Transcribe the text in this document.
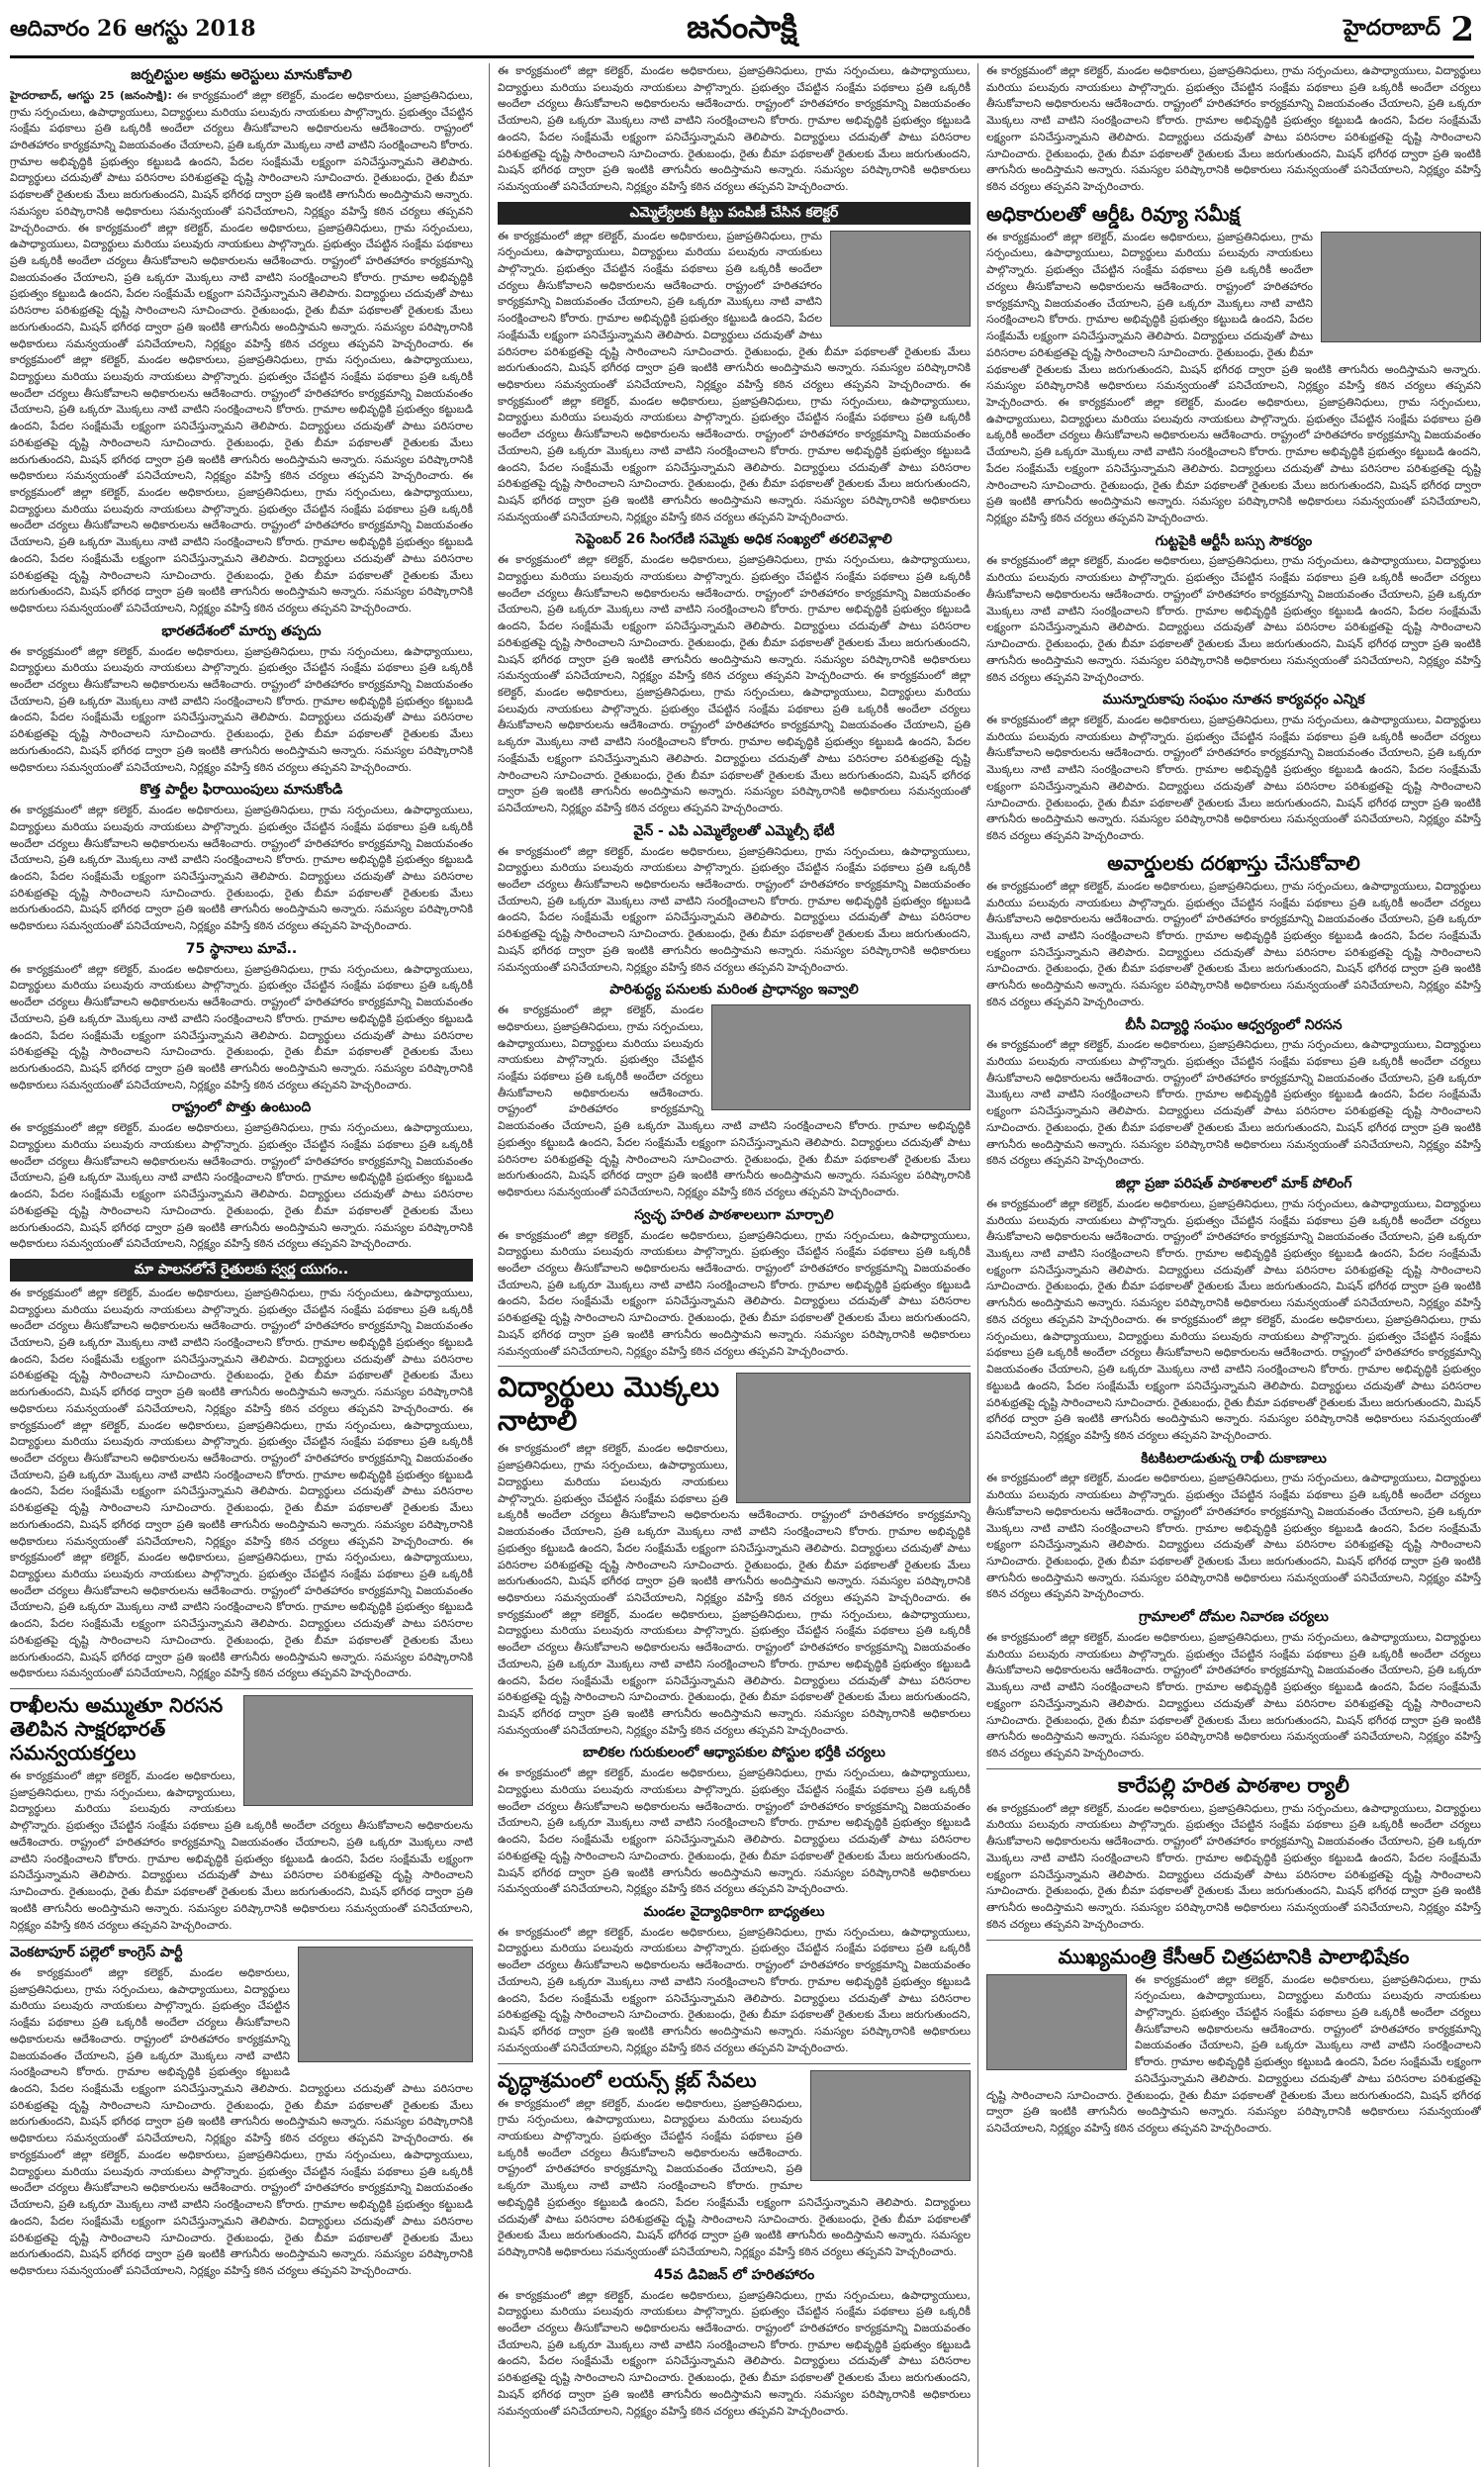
ఆదివారం 26 ఆగస్టు 2018	జనంసాక్షి	హైదరాబాద్ 2
జర్నలిస్టుల అక్రమ అరెస్టులు మానుకోవాలి
హైదరాబాద్, ఆగస్టు 25 (జనంసాక్షి): ఈ కార్యక్రమంలో జిల్లా కలెక్టర్, మండల అధికారులు, ప్రజాప్రతినిధులు, గ్రామ సర్పంచులు, ఉపాధ్యాయులు, విద్యార్థులు మరియు పలువురు నాయకులు పాల్గొన్నారు. ప్రభుత్వం చేపట్టిన సంక్షేమ పథకాలు ప్రతి ఒక్కరికీ అందేలా చర్యలు తీసుకోవాలని అధికారులను ఆదేశించారు. రాష్ట్రంలో హరితహారం కార్యక్రమాన్ని విజయవంతం చేయాలని, ప్రతి ఒక్కరూ మొక్కలు నాటి వాటిని సంరక్షించాలని కోరారు. గ్రామాల అభివృద్ధికి ప్రభుత్వం కట్టుబడి ఉందని, పేదల సంక్షేమమే లక్ష్యంగా పనిచేస్తున్నామని తెలిపారు. విద్యార్థులు చదువుతో పాటు పరిసరాల పరిశుభ్రతపై దృష్టి సారించాలని సూచించారు. రైతుబంధు, రైతు బీమా పథకాలతో రైతులకు మేలు జరుగుతుందని, మిషన్ భగీరథ ద్వారా ప్రతి ఇంటికి తాగునీరు అందిస్తామని అన్నారు. సమస్యల పరిష్కారానికి అధికారులు సమన్వయంతో పనిచేయాలని, నిర్లక్ష్యం వహిస్తే కఠిన చర్యలు తప్పవని హెచ్చరించారు. ఈ కార్యక్రమంలో జిల్లా కలెక్టర్, మండల అధికారులు, ప్రజాప్రతినిధులు, గ్రామ సర్పంచులు, ఉపాధ్యాయులు, విద్యార్థులు మరియు పలువురు నాయకులు పాల్గొన్నారు. ప్రభుత్వం చేపట్టిన సంక్షేమ పథకాలు ప్రతి ఒక్కరికీ అందేలా చర్యలు తీసుకోవాలని అధికారులను ఆదేశించారు. రాష్ట్రంలో హరితహారం కార్యక్రమాన్ని విజయవంతం చేయాలని, ప్రతి ఒక్కరూ మొక్కలు నాటి వాటిని సంరక్షించాలని కోరారు. గ్రామాల అభివృద్ధికి ప్రభుత్వం కట్టుబడి ఉందని, పేదల సంక్షేమమే లక్ష్యంగా పనిచేస్తున్నామని తెలిపారు. విద్యార్థులు చదువుతో పాటు పరిసరాల పరిశుభ్రతపై దృష్టి సారించాలని సూచించారు. రైతుబంధు, రైతు బీమా పథకాలతో రైతులకు మేలు జరుగుతుందని, మిషన్ భగీరథ ద్వారా ప్రతి ఇంటికి తాగునీరు అందిస్తామని అన్నారు. సమస్యల పరిష్కారానికి అధికారులు సమన్వయంతో పనిచేయాలని, నిర్లక్ష్యం వహిస్తే కఠిన చర్యలు తప్పవని హెచ్చరించారు. ఈ కార్యక్రమంలో జిల్లా కలెక్టర్, మండల అధికారులు, ప్రజాప్రతినిధులు, గ్రామ సర్పంచులు, ఉపాధ్యాయులు, విద్యార్థులు మరియు పలువురు నాయకులు పాల్గొన్నారు. ప్రభుత్వం చేపట్టిన సంక్షేమ పథకాలు ప్రతి ఒక్కరికీ అందేలా చర్యలు తీసుకోవాలని అధికారులను ఆదేశించారు. రాష్ట్రంలో హరితహారం కార్యక్రమాన్ని విజయవంతం చేయాలని, ప్రతి ఒక్కరూ మొక్కలు నాటి వాటిని సంరక్షించాలని కోరారు. గ్రామాల అభివృద్ధికి ప్రభుత్వం కట్టుబడి ఉందని, పేదల సంక్షేమమే లక్ష్యంగా పనిచేస్తున్నామని తెలిపారు. విద్యార్థులు చదువుతో పాటు పరిసరాల పరిశుభ్రతపై దృష్టి సారించాలని సూచించారు. రైతుబంధు, రైతు బీమా పథకాలతో రైతులకు మేలు జరుగుతుందని, మిషన్ భగీరథ ద్వారా ప్రతి ఇంటికి తాగునీరు అందిస్తామని అన్నారు. సమస్యల పరిష్కారానికి అధికారులు సమన్వయంతో పనిచేయాలని, నిర్లక్ష్యం వహిస్తే కఠిన చర్యలు తప్పవని హెచ్చరించారు. ఈ కార్యక్రమంలో జిల్లా కలెక్టర్, మండల అధికారులు, ప్రజాప్రతినిధులు, గ్రామ సర్పంచులు, ఉపాధ్యాయులు, విద్యార్థులు మరియు పలువురు నాయకులు పాల్గొన్నారు. ప్రభుత్వం చేపట్టిన సంక్షేమ పథకాలు ప్రతి ఒక్కరికీ అందేలా చర్యలు తీసుకోవాలని అధికారులను ఆదేశించారు. రాష్ట్రంలో హరితహారం కార్యక్రమాన్ని విజయవంతం చేయాలని, ప్రతి ఒక్కరూ మొక్కలు నాటి వాటిని సంరక్షించాలని కోరారు. గ్రామాల అభివృద్ధికి ప్రభుత్వం కట్టుబడి ఉందని, పేదల సంక్షేమమే లక్ష్యంగా పనిచేస్తున్నామని తెలిపారు. విద్యార్థులు చదువుతో పాటు పరిసరాల పరిశుభ్రతపై దృష్టి సారించాలని సూచించారు. రైతుబంధు, రైతు బీమా పథకాలతో రైతులకు మేలు జరుగుతుందని, మిషన్ భగీరథ ద్వారా ప్రతి ఇంటికి తాగునీరు అందిస్తామని అన్నారు. సమస్యల పరిష్కారానికి అధికారులు సమన్వయంతో పనిచేయాలని, నిర్లక్ష్యం వహిస్తే కఠిన చర్యలు తప్పవని హెచ్చరించారు.
భారతదేశంలో మార్పు తప్పదు
ఈ కార్యక్రమంలో జిల్లా కలెక్టర్, మండల అధికారులు, ప్రజాప్రతినిధులు, గ్రామ సర్పంచులు, ఉపాధ్యాయులు, విద్యార్థులు మరియు పలువురు నాయకులు పాల్గొన్నారు. ప్రభుత్వం చేపట్టిన సంక్షేమ పథకాలు ప్రతి ఒక్కరికీ అందేలా చర్యలు తీసుకోవాలని అధికారులను ఆదేశించారు. రాష్ట్రంలో హరితహారం కార్యక్రమాన్ని విజయవంతం చేయాలని, ప్రతి ఒక్కరూ మొక్కలు నాటి వాటిని సంరక్షించాలని కోరారు. గ్రామాల అభివృద్ధికి ప్రభుత్వం కట్టుబడి ఉందని, పేదల సంక్షేమమే లక్ష్యంగా పనిచేస్తున్నామని తెలిపారు. విద్యార్థులు చదువుతో పాటు పరిసరాల పరిశుభ్రతపై దృష్టి సారించాలని సూచించారు. రైతుబంధు, రైతు బీమా పథకాలతో రైతులకు మేలు జరుగుతుందని, మిషన్ భగీరథ ద్వారా ప్రతి ఇంటికి తాగునీరు అందిస్తామని అన్నారు. సమస్యల పరిష్కారానికి అధికారులు సమన్వయంతో పనిచేయాలని, నిర్లక్ష్యం వహిస్తే కఠిన చర్యలు తప్పవని హెచ్చరించారు.
కొత్త పార్టీల ఫిరాయింపులు మానుకోండి
ఈ కార్యక్రమంలో జిల్లా కలెక్టర్, మండల అధికారులు, ప్రజాప్రతినిధులు, గ్రామ సర్పంచులు, ఉపాధ్యాయులు, విద్యార్థులు మరియు పలువురు నాయకులు పాల్గొన్నారు. ప్రభుత్వం చేపట్టిన సంక్షేమ పథకాలు ప్రతి ఒక్కరికీ అందేలా చర్యలు తీసుకోవాలని అధికారులను ఆదేశించారు. రాష్ట్రంలో హరితహారం కార్యక్రమాన్ని విజయవంతం చేయాలని, ప్రతి ఒక్కరూ మొక్కలు నాటి వాటిని సంరక్షించాలని కోరారు. గ్రామాల అభివృద్ధికి ప్రభుత్వం కట్టుబడి ఉందని, పేదల సంక్షేమమే లక్ష్యంగా పనిచేస్తున్నామని తెలిపారు. విద్యార్థులు చదువుతో పాటు పరిసరాల పరిశుభ్రతపై దృష్టి సారించాలని సూచించారు. రైతుబంధు, రైతు బీమా పథకాలతో రైతులకు మేలు జరుగుతుందని, మిషన్ భగీరథ ద్వారా ప్రతి ఇంటికి తాగునీరు అందిస్తామని అన్నారు. సమస్యల పరిష్కారానికి అధికారులు సమన్వయంతో పనిచేయాలని, నిర్లక్ష్యం వహిస్తే కఠిన చర్యలు తప్పవని హెచ్చరించారు.
75 స్థానాలు మావే..
ఈ కార్యక్రమంలో జిల్లా కలెక్టర్, మండల అధికారులు, ప్రజాప్రతినిధులు, గ్రామ సర్పంచులు, ఉపాధ్యాయులు, విద్యార్థులు మరియు పలువురు నాయకులు పాల్గొన్నారు. ప్రభుత్వం చేపట్టిన సంక్షేమ పథకాలు ప్రతి ఒక్కరికీ అందేలా చర్యలు తీసుకోవాలని అధికారులను ఆదేశించారు. రాష్ట్రంలో హరితహారం కార్యక్రమాన్ని విజయవంతం చేయాలని, ప్రతి ఒక్కరూ మొక్కలు నాటి వాటిని సంరక్షించాలని కోరారు. గ్రామాల అభివృద్ధికి ప్రభుత్వం కట్టుబడి ఉందని, పేదల సంక్షేమమే లక్ష్యంగా పనిచేస్తున్నామని తెలిపారు. విద్యార్థులు చదువుతో పాటు పరిసరాల పరిశుభ్రతపై దృష్టి సారించాలని సూచించారు. రైతుబంధు, రైతు బీమా పథకాలతో రైతులకు మేలు జరుగుతుందని, మిషన్ భగీరథ ద్వారా ప్రతి ఇంటికి తాగునీరు అందిస్తామని అన్నారు. సమస్యల పరిష్కారానికి అధికారులు సమన్వయంతో పనిచేయాలని, నిర్లక్ష్యం వహిస్తే కఠిన చర్యలు తప్పవని హెచ్చరించారు.
రాష్ట్రంలో పొత్తు ఉంటుంది
ఈ కార్యక్రమంలో జిల్లా కలెక్టర్, మండల అధికారులు, ప్రజాప్రతినిధులు, గ్రామ సర్పంచులు, ఉపాధ్యాయులు, విద్యార్థులు మరియు పలువురు నాయకులు పాల్గొన్నారు. ప్రభుత్వం చేపట్టిన సంక్షేమ పథకాలు ప్రతి ఒక్కరికీ అందేలా చర్యలు తీసుకోవాలని అధికారులను ఆదేశించారు. రాష్ట్రంలో హరితహారం కార్యక్రమాన్ని విజయవంతం చేయాలని, ప్రతి ఒక్కరూ మొక్కలు నాటి వాటిని సంరక్షించాలని కోరారు. గ్రామాల అభివృద్ధికి ప్రభుత్వం కట్టుబడి ఉందని, పేదల సంక్షేమమే లక్ష్యంగా పనిచేస్తున్నామని తెలిపారు. విద్యార్థులు చదువుతో పాటు పరిసరాల పరిశుభ్రతపై దృష్టి సారించాలని సూచించారు. రైతుబంధు, రైతు బీమా పథకాలతో రైతులకు మేలు జరుగుతుందని, మిషన్ భగీరథ ద్వారా ప్రతి ఇంటికి తాగునీరు అందిస్తామని అన్నారు. సమస్యల పరిష్కారానికి అధికారులు సమన్వయంతో పనిచేయాలని, నిర్లక్ష్యం వహిస్తే కఠిన చర్యలు తప్పవని హెచ్చరించారు.
మా పాలనలోనే రైతులకు స్వర్ణ యుగం..
ఈ కార్యక్రమంలో జిల్లా కలెక్టర్, మండల అధికారులు, ప్రజాప్రతినిధులు, గ్రామ సర్పంచులు, ఉపాధ్యాయులు, విద్యార్థులు మరియు పలువురు నాయకులు పాల్గొన్నారు. ప్రభుత్వం చేపట్టిన సంక్షేమ పథకాలు ప్రతి ఒక్కరికీ అందేలా చర్యలు తీసుకోవాలని అధికారులను ఆదేశించారు. రాష్ట్రంలో హరితహారం కార్యక్రమాన్ని విజయవంతం చేయాలని, ప్రతి ఒక్కరూ మొక్కలు నాటి వాటిని సంరక్షించాలని కోరారు. గ్రామాల అభివృద్ధికి ప్రభుత్వం కట్టుబడి ఉందని, పేదల సంక్షేమమే లక్ష్యంగా పనిచేస్తున్నామని తెలిపారు. విద్యార్థులు చదువుతో పాటు పరిసరాల పరిశుభ్రతపై దృష్టి సారించాలని సూచించారు. రైతుబంధు, రైతు బీమా పథకాలతో రైతులకు మేలు జరుగుతుందని, మిషన్ భగీరథ ద్వారా ప్రతి ఇంటికి తాగునీరు అందిస్తామని అన్నారు. సమస్యల పరిష్కారానికి అధికారులు సమన్వయంతో పనిచేయాలని, నిర్లక్ష్యం వహిస్తే కఠిన చర్యలు తప్పవని హెచ్చరించారు. ఈ కార్యక్రమంలో జిల్లా కలెక్టర్, మండల అధికారులు, ప్రజాప్రతినిధులు, గ్రామ సర్పంచులు, ఉపాధ్యాయులు, విద్యార్థులు మరియు పలువురు నాయకులు పాల్గొన్నారు. ప్రభుత్వం చేపట్టిన సంక్షేమ పథకాలు ప్రతి ఒక్కరికీ అందేలా చర్యలు తీసుకోవాలని అధికారులను ఆదేశించారు. రాష్ట్రంలో హరితహారం కార్యక్రమాన్ని విజయవంతం చేయాలని, ప్రతి ఒక్కరూ మొక్కలు నాటి వాటిని సంరక్షించాలని కోరారు. గ్రామాల అభివృద్ధికి ప్రభుత్వం కట్టుబడి ఉందని, పేదల సంక్షేమమే లక్ష్యంగా పనిచేస్తున్నామని తెలిపారు. విద్యార్థులు చదువుతో పాటు పరిసరాల పరిశుభ్రతపై దృష్టి సారించాలని సూచించారు. రైతుబంధు, రైతు బీమా పథకాలతో రైతులకు మేలు జరుగుతుందని, మిషన్ భగీరథ ద్వారా ప్రతి ఇంటికి తాగునీరు అందిస్తామని అన్నారు. సమస్యల పరిష్కారానికి అధికారులు సమన్వయంతో పనిచేయాలని, నిర్లక్ష్యం వహిస్తే కఠిన చర్యలు తప్పవని హెచ్చరించారు. ఈ కార్యక్రమంలో జిల్లా కలెక్టర్, మండల అధికారులు, ప్రజాప్రతినిధులు, గ్రామ సర్పంచులు, ఉపాధ్యాయులు, విద్యార్థులు మరియు పలువురు నాయకులు పాల్గొన్నారు. ప్రభుత్వం చేపట్టిన సంక్షేమ పథకాలు ప్రతి ఒక్కరికీ అందేలా చర్యలు తీసుకోవాలని అధికారులను ఆదేశించారు. రాష్ట్రంలో హరితహారం కార్యక్రమాన్ని విజయవంతం చేయాలని, ప్రతి ఒక్కరూ మొక్కలు నాటి వాటిని సంరక్షించాలని కోరారు. గ్రామాల అభివృద్ధికి ప్రభుత్వం కట్టుబడి ఉందని, పేదల సంక్షేమమే లక్ష్యంగా పనిచేస్తున్నామని తెలిపారు. విద్యార్థులు చదువుతో పాటు పరిసరాల పరిశుభ్రతపై దృష్టి సారించాలని సూచించారు. రైతుబంధు, రైతు బీమా పథకాలతో రైతులకు మేలు జరుగుతుందని, మిషన్ భగీరథ ద్వారా ప్రతి ఇంటికి తాగునీరు అందిస్తామని అన్నారు. సమస్యల పరిష్కారానికి అధికారులు సమన్వయంతో పనిచేయాలని, నిర్లక్ష్యం వహిస్తే కఠిన చర్యలు తప్పవని హెచ్చరించారు.
రాఖీలను అమ్ముతూ నిరసన తెలిపిన సాక్షరభారత్ సమన్వయకర్తలు
ఈ కార్యక్రమంలో జిల్లా కలెక్టర్, మండల అధికారులు, ప్రజాప్రతినిధులు, గ్రామ సర్పంచులు, ఉపాధ్యాయులు, విద్యార్థులు మరియు పలువురు నాయకులు పాల్గొన్నారు. ప్రభుత్వం చేపట్టిన సంక్షేమ పథకాలు ప్రతి ఒక్కరికీ అందేలా చర్యలు తీసుకోవాలని అధికారులను ఆదేశించారు. రాష్ట్రంలో హరితహారం కార్యక్రమాన్ని విజయవంతం చేయాలని, ప్రతి ఒక్కరూ మొక్కలు నాటి వాటిని సంరక్షించాలని కోరారు. గ్రామాల అభివృద్ధికి ప్రభుత్వం కట్టుబడి ఉందని, పేదల సంక్షేమమే లక్ష్యంగా పనిచేస్తున్నామని తెలిపారు. విద్యార్థులు చదువుతో పాటు పరిసరాల పరిశుభ్రతపై దృష్టి సారించాలని సూచించారు. రైతుబంధు, రైతు బీమా పథకాలతో రైతులకు మేలు జరుగుతుందని, మిషన్ భగీరథ ద్వారా ప్రతి ఇంటికి తాగునీరు అందిస్తామని అన్నారు. సమస్యల పరిష్కారానికి అధికారులు సమన్వయంతో పనిచేయాలని, నిర్లక్ష్యం వహిస్తే కఠిన చర్యలు తప్పవని హెచ్చరించారు.
వెంకటాపూర్ పల్లెలో కాంగ్రెస్ పార్టీ
ఈ కార్యక్రమంలో జిల్లా కలెక్టర్, మండల అధికారులు, ప్రజాప్రతినిధులు, గ్రామ సర్పంచులు, ఉపాధ్యాయులు, విద్యార్థులు మరియు పలువురు నాయకులు పాల్గొన్నారు. ప్రభుత్వం చేపట్టిన సంక్షేమ పథకాలు ప్రతి ఒక్కరికీ అందేలా చర్యలు తీసుకోవాలని అధికారులను ఆదేశించారు. రాష్ట్రంలో హరితహారం కార్యక్రమాన్ని విజయవంతం చేయాలని, ప్రతి ఒక్కరూ మొక్కలు నాటి వాటిని సంరక్షించాలని కోరారు. గ్రామాల అభివృద్ధికి ప్రభుత్వం కట్టుబడి ఉందని, పేదల సంక్షేమమే లక్ష్యంగా పనిచేస్తున్నామని తెలిపారు. విద్యార్థులు చదువుతో పాటు పరిసరాల పరిశుభ్రతపై దృష్టి సారించాలని సూచించారు. రైతుబంధు, రైతు బీమా పథకాలతో రైతులకు మేలు జరుగుతుందని, మిషన్ భగీరథ ద్వారా ప్రతి ఇంటికి తాగునీరు అందిస్తామని అన్నారు. సమస్యల పరిష్కారానికి అధికారులు సమన్వయంతో పనిచేయాలని, నిర్లక్ష్యం వహిస్తే కఠిన చర్యలు తప్పవని హెచ్చరించారు. ఈ కార్యక్రమంలో జిల్లా కలెక్టర్, మండల అధికారులు, ప్రజాప్రతినిధులు, గ్రామ సర్పంచులు, ఉపాధ్యాయులు, విద్యార్థులు మరియు పలువురు నాయకులు పాల్గొన్నారు. ప్రభుత్వం చేపట్టిన సంక్షేమ పథకాలు ప్రతి ఒక్కరికీ అందేలా చర్యలు తీసుకోవాలని అధికారులను ఆదేశించారు. రాష్ట్రంలో హరితహారం కార్యక్రమాన్ని విజయవంతం చేయాలని, ప్రతి ఒక్కరూ మొక్కలు నాటి వాటిని సంరక్షించాలని కోరారు. గ్రామాల అభివృద్ధికి ప్రభుత్వం కట్టుబడి ఉందని, పేదల సంక్షేమమే లక్ష్యంగా పనిచేస్తున్నామని తెలిపారు. విద్యార్థులు చదువుతో పాటు పరిసరాల పరిశుభ్రతపై దృష్టి సారించాలని సూచించారు. రైతుబంధు, రైతు బీమా పథకాలతో రైతులకు మేలు జరుగుతుందని, మిషన్ భగీరథ ద్వారా ప్రతి ఇంటికి తాగునీరు అందిస్తామని అన్నారు. సమస్యల పరిష్కారానికి అధికారులు సమన్వయంతో పనిచేయాలని, నిర్లక్ష్యం వహిస్తే కఠిన చర్యలు తప్పవని హెచ్చరించారు.
ఈ కార్యక్రమంలో జిల్లా కలెక్టర్, మండల అధికారులు, ప్రజాప్రతినిధులు, గ్రామ సర్పంచులు, ఉపాధ్యాయులు, విద్యార్థులు మరియు పలువురు నాయకులు పాల్గొన్నారు. ప్రభుత్వం చేపట్టిన సంక్షేమ పథకాలు ప్రతి ఒక్కరికీ అందేలా చర్యలు తీసుకోవాలని అధికారులను ఆదేశించారు. రాష్ట్రంలో హరితహారం కార్యక్రమాన్ని విజయవంతం చేయాలని, ప్రతి ఒక్కరూ మొక్కలు నాటి వాటిని సంరక్షించాలని కోరారు. గ్రామాల అభివృద్ధికి ప్రభుత్వం కట్టుబడి ఉందని, పేదల సంక్షేమమే లక్ష్యంగా పనిచేస్తున్నామని తెలిపారు. విద్యార్థులు చదువుతో పాటు పరిసరాల పరిశుభ్రతపై దృష్టి సారించాలని సూచించారు. రైతుబంధు, రైతు బీమా పథకాలతో రైతులకు మేలు జరుగుతుందని, మిషన్ భగీరథ ద్వారా ప్రతి ఇంటికి తాగునీరు అందిస్తామని అన్నారు. సమస్యల పరిష్కారానికి అధికారులు సమన్వయంతో పనిచేయాలని, నిర్లక్ష్యం వహిస్తే కఠిన చర్యలు తప్పవని హెచ్చరించారు.
ఎమ్మెల్యేలకు కిట్టు పంపిణీ చేసిన కలెక్టర్
ఈ కార్యక్రమంలో జిల్లా కలెక్టర్, మండల అధికారులు, ప్రజాప్రతినిధులు, గ్రామ సర్పంచులు, ఉపాధ్యాయులు, విద్యార్థులు మరియు పలువురు నాయకులు పాల్గొన్నారు. ప్రభుత్వం చేపట్టిన సంక్షేమ పథకాలు ప్రతి ఒక్కరికీ అందేలా చర్యలు తీసుకోవాలని అధికారులను ఆదేశించారు. రాష్ట్రంలో హరితహారం కార్యక్రమాన్ని విజయవంతం చేయాలని, ప్రతి ఒక్కరూ మొక్కలు నాటి వాటిని సంరక్షించాలని కోరారు. గ్రామాల అభివృద్ధికి ప్రభుత్వం కట్టుబడి ఉందని, పేదల సంక్షేమమే లక్ష్యంగా పనిచేస్తున్నామని తెలిపారు. విద్యార్థులు చదువుతో పాటు పరిసరాల పరిశుభ్రతపై దృష్టి సారించాలని సూచించారు. రైతుబంధు, రైతు బీమా పథకాలతో రైతులకు మేలు జరుగుతుందని, మిషన్ భగీరథ ద్వారా ప్రతి ఇంటికి తాగునీరు అందిస్తామని అన్నారు. సమస్యల పరిష్కారానికి అధికారులు సమన్వయంతో పనిచేయాలని, నిర్లక్ష్యం వహిస్తే కఠిన చర్యలు తప్పవని హెచ్చరించారు. ఈ కార్యక్రమంలో జిల్లా కలెక్టర్, మండల అధికారులు, ప్రజాప్రతినిధులు, గ్రామ సర్పంచులు, ఉపాధ్యాయులు, విద్యార్థులు మరియు పలువురు నాయకులు పాల్గొన్నారు. ప్రభుత్వం చేపట్టిన సంక్షేమ పథకాలు ప్రతి ఒక్కరికీ అందేలా చర్యలు తీసుకోవాలని అధికారులను ఆదేశించారు. రాష్ట్రంలో హరితహారం కార్యక్రమాన్ని విజయవంతం చేయాలని, ప్రతి ఒక్కరూ మొక్కలు నాటి వాటిని సంరక్షించాలని కోరారు. గ్రామాల అభివృద్ధికి ప్రభుత్వం కట్టుబడి ఉందని, పేదల సంక్షేమమే లక్ష్యంగా పనిచేస్తున్నామని తెలిపారు. విద్యార్థులు చదువుతో పాటు పరిసరాల పరిశుభ్రతపై దృష్టి సారించాలని సూచించారు. రైతుబంధు, రైతు బీమా పథకాలతో రైతులకు మేలు జరుగుతుందని, మిషన్ భగీరథ ద్వారా ప్రతి ఇంటికి తాగునీరు అందిస్తామని అన్నారు. సమస్యల పరిష్కారానికి అధికారులు సమన్వయంతో పనిచేయాలని, నిర్లక్ష్యం వహిస్తే కఠిన చర్యలు తప్పవని హెచ్చరించారు.
సెప్టెంబర్ 26 సింగరేణి సమ్మెకు అధిక సంఖ్యలో తరలివెళ్లాలి
ఈ కార్యక్రమంలో జిల్లా కలెక్టర్, మండల అధికారులు, ప్రజాప్రతినిధులు, గ్రామ సర్పంచులు, ఉపాధ్యాయులు, విద్యార్థులు మరియు పలువురు నాయకులు పాల్గొన్నారు. ప్రభుత్వం చేపట్టిన సంక్షేమ పథకాలు ప్రతి ఒక్కరికీ అందేలా చర్యలు తీసుకోవాలని అధికారులను ఆదేశించారు. రాష్ట్రంలో హరితహారం కార్యక్రమాన్ని విజయవంతం చేయాలని, ప్రతి ఒక్కరూ మొక్కలు నాటి వాటిని సంరక్షించాలని కోరారు. గ్రామాల అభివృద్ధికి ప్రభుత్వం కట్టుబడి ఉందని, పేదల సంక్షేమమే లక్ష్యంగా పనిచేస్తున్నామని తెలిపారు. విద్యార్థులు చదువుతో పాటు పరిసరాల పరిశుభ్రతపై దృష్టి సారించాలని సూచించారు. రైతుబంధు, రైతు బీమా పథకాలతో రైతులకు మేలు జరుగుతుందని, మిషన్ భగీరథ ద్వారా ప్రతి ఇంటికి తాగునీరు అందిస్తామని అన్నారు. సమస్యల పరిష్కారానికి అధికారులు సమన్వయంతో పనిచేయాలని, నిర్లక్ష్యం వహిస్తే కఠిన చర్యలు తప్పవని హెచ్చరించారు. ఈ కార్యక్రమంలో జిల్లా కలెక్టర్, మండల అధికారులు, ప్రజాప్రతినిధులు, గ్రామ సర్పంచులు, ఉపాధ్యాయులు, విద్యార్థులు మరియు పలువురు నాయకులు పాల్గొన్నారు. ప్రభుత్వం చేపట్టిన సంక్షేమ పథకాలు ప్రతి ఒక్కరికీ అందేలా చర్యలు తీసుకోవాలని అధికారులను ఆదేశించారు. రాష్ట్రంలో హరితహారం కార్యక్రమాన్ని విజయవంతం చేయాలని, ప్రతి ఒక్కరూ మొక్కలు నాటి వాటిని సంరక్షించాలని కోరారు. గ్రామాల అభివృద్ధికి ప్రభుత్వం కట్టుబడి ఉందని, పేదల సంక్షేమమే లక్ష్యంగా పనిచేస్తున్నామని తెలిపారు. విద్యార్థులు చదువుతో పాటు పరిసరాల పరిశుభ్రతపై దృష్టి సారించాలని సూచించారు. రైతుబంధు, రైతు బీమా పథకాలతో రైతులకు మేలు జరుగుతుందని, మిషన్ భగీరథ ద్వారా ప్రతి ఇంటికి తాగునీరు అందిస్తామని అన్నారు. సమస్యల పరిష్కారానికి అధికారులు సమన్వయంతో పనిచేయాలని, నిర్లక్ష్యం వహిస్తే కఠిన చర్యలు తప్పవని హెచ్చరించారు.
వైన్ - ఎపి ఎమ్మెల్యేలతో ఎమ్మెల్సీ భేటీ
ఈ కార్యక్రమంలో జిల్లా కలెక్టర్, మండల అధికారులు, ప్రజాప్రతినిధులు, గ్రామ సర్పంచులు, ఉపాధ్యాయులు, విద్యార్థులు మరియు పలువురు నాయకులు పాల్గొన్నారు. ప్రభుత్వం చేపట్టిన సంక్షేమ పథకాలు ప్రతి ఒక్కరికీ అందేలా చర్యలు తీసుకోవాలని అధికారులను ఆదేశించారు. రాష్ట్రంలో హరితహారం కార్యక్రమాన్ని విజయవంతం చేయాలని, ప్రతి ఒక్కరూ మొక్కలు నాటి వాటిని సంరక్షించాలని కోరారు. గ్రామాల అభివృద్ధికి ప్రభుత్వం కట్టుబడి ఉందని, పేదల సంక్షేమమే లక్ష్యంగా పనిచేస్తున్నామని తెలిపారు. విద్యార్థులు చదువుతో పాటు పరిసరాల పరిశుభ్రతపై దృష్టి సారించాలని సూచించారు. రైతుబంధు, రైతు బీమా పథకాలతో రైతులకు మేలు జరుగుతుందని, మిషన్ భగీరథ ద్వారా ప్రతి ఇంటికి తాగునీరు అందిస్తామని అన్నారు. సమస్యల పరిష్కారానికి అధికారులు సమన్వయంతో పనిచేయాలని, నిర్లక్ష్యం వహిస్తే కఠిన చర్యలు తప్పవని హెచ్చరించారు.
పారిశుద్ధ్య పనులకు మరింత ప్రాధాన్యం ఇవ్వాలి
ఈ కార్యక్రమంలో జిల్లా కలెక్టర్, మండల అధికారులు, ప్రజాప్రతినిధులు, గ్రామ సర్పంచులు, ఉపాధ్యాయులు, విద్యార్థులు మరియు పలువురు నాయకులు పాల్గొన్నారు. ప్రభుత్వం చేపట్టిన సంక్షేమ పథకాలు ప్రతి ఒక్కరికీ అందేలా చర్యలు తీసుకోవాలని అధికారులను ఆదేశించారు. రాష్ట్రంలో హరితహారం కార్యక్రమాన్ని విజయవంతం చేయాలని, ప్రతి ఒక్కరూ మొక్కలు నాటి వాటిని సంరక్షించాలని కోరారు. గ్రామాల అభివృద్ధికి ప్రభుత్వం కట్టుబడి ఉందని, పేదల సంక్షేమమే లక్ష్యంగా పనిచేస్తున్నామని తెలిపారు. విద్యార్థులు చదువుతో పాటు పరిసరాల పరిశుభ్రతపై దృష్టి సారించాలని సూచించారు. రైతుబంధు, రైతు బీమా పథకాలతో రైతులకు మేలు జరుగుతుందని, మిషన్ భగీరథ ద్వారా ప్రతి ఇంటికి తాగునీరు అందిస్తామని అన్నారు. సమస్యల పరిష్కారానికి అధికారులు సమన్వయంతో పనిచేయాలని, నిర్లక్ష్యం వహిస్తే కఠిన చర్యలు తప్పవని హెచ్చరించారు.
స్వచ్ఛ హరిత పాఠశాలలుగా మార్చాలి
ఈ కార్యక్రమంలో జిల్లా కలెక్టర్, మండల అధికారులు, ప్రజాప్రతినిధులు, గ్రామ సర్పంచులు, ఉపాధ్యాయులు, విద్యార్థులు మరియు పలువురు నాయకులు పాల్గొన్నారు. ప్రభుత్వం చేపట్టిన సంక్షేమ పథకాలు ప్రతి ఒక్కరికీ అందేలా చర్యలు తీసుకోవాలని అధికారులను ఆదేశించారు. రాష్ట్రంలో హరితహారం కార్యక్రమాన్ని విజయవంతం చేయాలని, ప్రతి ఒక్కరూ మొక్కలు నాటి వాటిని సంరక్షించాలని కోరారు. గ్రామాల అభివృద్ధికి ప్రభుత్వం కట్టుబడి ఉందని, పేదల సంక్షేమమే లక్ష్యంగా పనిచేస్తున్నామని తెలిపారు. విద్యార్థులు చదువుతో పాటు పరిసరాల పరిశుభ్రతపై దృష్టి సారించాలని సూచించారు. రైతుబంధు, రైతు బీమా పథకాలతో రైతులకు మేలు జరుగుతుందని, మిషన్ భగీరథ ద్వారా ప్రతి ఇంటికి తాగునీరు అందిస్తామని అన్నారు. సమస్యల పరిష్కారానికి అధికారులు సమన్వయంతో పనిచేయాలని, నిర్లక్ష్యం వహిస్తే కఠిన చర్యలు తప్పవని హెచ్చరించారు.
విద్యార్థులు మొక్కలు నాటాలి
ఈ కార్యక్రమంలో జిల్లా కలెక్టర్, మండల అధికారులు, ప్రజాప్రతినిధులు, గ్రామ సర్పంచులు, ఉపాధ్యాయులు, విద్యార్థులు మరియు పలువురు నాయకులు పాల్గొన్నారు. ప్రభుత్వం చేపట్టిన సంక్షేమ పథకాలు ప్రతి ఒక్కరికీ అందేలా చర్యలు తీసుకోవాలని అధికారులను ఆదేశించారు. రాష్ట్రంలో హరితహారం కార్యక్రమాన్ని విజయవంతం చేయాలని, ప్రతి ఒక్కరూ మొక్కలు నాటి వాటిని సంరక్షించాలని కోరారు. గ్రామాల అభివృద్ధికి ప్రభుత్వం కట్టుబడి ఉందని, పేదల సంక్షేమమే లక్ష్యంగా పనిచేస్తున్నామని తెలిపారు. విద్యార్థులు చదువుతో పాటు పరిసరాల పరిశుభ్రతపై దృష్టి సారించాలని సూచించారు. రైతుబంధు, రైతు బీమా పథకాలతో రైతులకు మేలు జరుగుతుందని, మిషన్ భగీరథ ద్వారా ప్రతి ఇంటికి తాగునీరు అందిస్తామని అన్నారు. సమస్యల పరిష్కారానికి అధికారులు సమన్వయంతో పనిచేయాలని, నిర్లక్ష్యం వహిస్తే కఠిన చర్యలు తప్పవని హెచ్చరించారు. ఈ కార్యక్రమంలో జిల్లా కలెక్టర్, మండల అధికారులు, ప్రజాప్రతినిధులు, గ్రామ సర్పంచులు, ఉపాధ్యాయులు, విద్యార్థులు మరియు పలువురు నాయకులు పాల్గొన్నారు. ప్రభుత్వం చేపట్టిన సంక్షేమ పథకాలు ప్రతి ఒక్కరికీ అందేలా చర్యలు తీసుకోవాలని అధికారులను ఆదేశించారు. రాష్ట్రంలో హరితహారం కార్యక్రమాన్ని విజయవంతం చేయాలని, ప్రతి ఒక్కరూ మొక్కలు నాటి వాటిని సంరక్షించాలని కోరారు. గ్రామాల అభివృద్ధికి ప్రభుత్వం కట్టుబడి ఉందని, పేదల సంక్షేమమే లక్ష్యంగా పనిచేస్తున్నామని తెలిపారు. విద్యార్థులు చదువుతో పాటు పరిసరాల పరిశుభ్రతపై దృష్టి సారించాలని సూచించారు. రైతుబంధు, రైతు బీమా పథకాలతో రైతులకు మేలు జరుగుతుందని, మిషన్ భగీరథ ద్వారా ప్రతి ఇంటికి తాగునీరు అందిస్తామని అన్నారు. సమస్యల పరిష్కారానికి అధికారులు సమన్వయంతో పనిచేయాలని, నిర్లక్ష్యం వహిస్తే కఠిన చర్యలు తప్పవని హెచ్చరించారు.
బాలికల గురుకులంలో ఆధ్యాపకుల పోస్టుల భర్తీకి చర్యలు
ఈ కార్యక్రమంలో జిల్లా కలెక్టర్, మండల అధికారులు, ప్రజాప్రతినిధులు, గ్రామ సర్పంచులు, ఉపాధ్యాయులు, విద్యార్థులు మరియు పలువురు నాయకులు పాల్గొన్నారు. ప్రభుత్వం చేపట్టిన సంక్షేమ పథకాలు ప్రతి ఒక్కరికీ అందేలా చర్యలు తీసుకోవాలని అధికారులను ఆదేశించారు. రాష్ట్రంలో హరితహారం కార్యక్రమాన్ని విజయవంతం చేయాలని, ప్రతి ఒక్కరూ మొక్కలు నాటి వాటిని సంరక్షించాలని కోరారు. గ్రామాల అభివృద్ధికి ప్రభుత్వం కట్టుబడి ఉందని, పేదల సంక్షేమమే లక్ష్యంగా పనిచేస్తున్నామని తెలిపారు. విద్యార్థులు చదువుతో పాటు పరిసరాల పరిశుభ్రతపై దృష్టి సారించాలని సూచించారు. రైతుబంధు, రైతు బీమా పథకాలతో రైతులకు మేలు జరుగుతుందని, మిషన్ భగీరథ ద్వారా ప్రతి ఇంటికి తాగునీరు అందిస్తామని అన్నారు. సమస్యల పరిష్కారానికి అధికారులు సమన్వయంతో పనిచేయాలని, నిర్లక్ష్యం వహిస్తే కఠిన చర్యలు తప్పవని హెచ్చరించారు.
మండల వైద్యాధికారిగా బాధ్యతలు
ఈ కార్యక్రమంలో జిల్లా కలెక్టర్, మండల అధికారులు, ప్రజాప్రతినిధులు, గ్రామ సర్పంచులు, ఉపాధ్యాయులు, విద్యార్థులు మరియు పలువురు నాయకులు పాల్గొన్నారు. ప్రభుత్వం చేపట్టిన సంక్షేమ పథకాలు ప్రతి ఒక్కరికీ అందేలా చర్యలు తీసుకోవాలని అధికారులను ఆదేశించారు. రాష్ట్రంలో హరితహారం కార్యక్రమాన్ని విజయవంతం చేయాలని, ప్రతి ఒక్కరూ మొక్కలు నాటి వాటిని సంరక్షించాలని కోరారు. గ్రామాల అభివృద్ధికి ప్రభుత్వం కట్టుబడి ఉందని, పేదల సంక్షేమమే లక్ష్యంగా పనిచేస్తున్నామని తెలిపారు. విద్యార్థులు చదువుతో పాటు పరిసరాల పరిశుభ్రతపై దృష్టి సారించాలని సూచించారు. రైతుబంధు, రైతు బీమా పథకాలతో రైతులకు మేలు జరుగుతుందని, మిషన్ భగీరథ ద్వారా ప్రతి ఇంటికి తాగునీరు అందిస్తామని అన్నారు. సమస్యల పరిష్కారానికి అధికారులు సమన్వయంతో పనిచేయాలని, నిర్లక్ష్యం వహిస్తే కఠిన చర్యలు తప్పవని హెచ్చరించారు.
వృద్ధాశ్రమంలో లయన్స్ క్లబ్ సేవలు
ఈ కార్యక్రమంలో జిల్లా కలెక్టర్, మండల అధికారులు, ప్రజాప్రతినిధులు, గ్రామ సర్పంచులు, ఉపాధ్యాయులు, విద్యార్థులు మరియు పలువురు నాయకులు పాల్గొన్నారు. ప్రభుత్వం చేపట్టిన సంక్షేమ పథకాలు ప్రతి ఒక్కరికీ అందేలా చర్యలు తీసుకోవాలని అధికారులను ఆదేశించారు. రాష్ట్రంలో హరితహారం కార్యక్రమాన్ని విజయవంతం చేయాలని, ప్రతి ఒక్కరూ మొక్కలు నాటి వాటిని సంరక్షించాలని కోరారు. గ్రామాల అభివృద్ధికి ప్రభుత్వం కట్టుబడి ఉందని, పేదల సంక్షేమమే లక్ష్యంగా పనిచేస్తున్నామని తెలిపారు. విద్యార్థులు చదువుతో పాటు పరిసరాల పరిశుభ్రతపై దృష్టి సారించాలని సూచించారు. రైతుబంధు, రైతు బీమా పథకాలతో రైతులకు మేలు జరుగుతుందని, మిషన్ భగీరథ ద్వారా ప్రతి ఇంటికి తాగునీరు అందిస్తామని అన్నారు. సమస్యల పరిష్కారానికి అధికారులు సమన్వయంతో పనిచేయాలని, నిర్లక్ష్యం వహిస్తే కఠిన చర్యలు తప్పవని హెచ్చరించారు.
45వ డివిజన్ లో హరితహారం
ఈ కార్యక్రమంలో జిల్లా కలెక్టర్, మండల అధికారులు, ప్రజాప్రతినిధులు, గ్రామ సర్పంచులు, ఉపాధ్యాయులు, విద్యార్థులు మరియు పలువురు నాయకులు పాల్గొన్నారు. ప్రభుత్వం చేపట్టిన సంక్షేమ పథకాలు ప్రతి ఒక్కరికీ అందేలా చర్యలు తీసుకోవాలని అధికారులను ఆదేశించారు. రాష్ట్రంలో హరితహారం కార్యక్రమాన్ని విజయవంతం చేయాలని, ప్రతి ఒక్కరూ మొక్కలు నాటి వాటిని సంరక్షించాలని కోరారు. గ్రామాల అభివృద్ధికి ప్రభుత్వం కట్టుబడి ఉందని, పేదల సంక్షేమమే లక్ష్యంగా పనిచేస్తున్నామని తెలిపారు. విద్యార్థులు చదువుతో పాటు పరిసరాల పరిశుభ్రతపై దృష్టి సారించాలని సూచించారు. రైతుబంధు, రైతు బీమా పథకాలతో రైతులకు మేలు జరుగుతుందని, మిషన్ భగీరథ ద్వారా ప్రతి ఇంటికి తాగునీరు అందిస్తామని అన్నారు. సమస్యల పరిష్కారానికి అధికారులు సమన్వయంతో పనిచేయాలని, నిర్లక్ష్యం వహిస్తే కఠిన చర్యలు తప్పవని హెచ్చరించారు.
ఈ కార్యక్రమంలో జిల్లా కలెక్టర్, మండల అధికారులు, ప్రజాప్రతినిధులు, గ్రామ సర్పంచులు, ఉపాధ్యాయులు, విద్యార్థులు మరియు పలువురు నాయకులు పాల్గొన్నారు. ప్రభుత్వం చేపట్టిన సంక్షేమ పథకాలు ప్రతి ఒక్కరికీ అందేలా చర్యలు తీసుకోవాలని అధికారులను ఆదేశించారు. రాష్ట్రంలో హరితహారం కార్యక్రమాన్ని విజయవంతం చేయాలని, ప్రతి ఒక్కరూ మొక్కలు నాటి వాటిని సంరక్షించాలని కోరారు. గ్రామాల అభివృద్ధికి ప్రభుత్వం కట్టుబడి ఉందని, పేదల సంక్షేమమే లక్ష్యంగా పనిచేస్తున్నామని తెలిపారు. విద్యార్థులు చదువుతో పాటు పరిసరాల పరిశుభ్రతపై దృష్టి సారించాలని సూచించారు. రైతుబంధు, రైతు బీమా పథకాలతో రైతులకు మేలు జరుగుతుందని, మిషన్ భగీరథ ద్వారా ప్రతి ఇంటికి తాగునీరు అందిస్తామని అన్నారు. సమస్యల పరిష్కారానికి అధికారులు సమన్వయంతో పనిచేయాలని, నిర్లక్ష్యం వహిస్తే కఠిన చర్యలు తప్పవని హెచ్చరించారు.
అధికారులతో ఆర్డీఓ రివ్యూ సమీక్ష
ఈ కార్యక్రమంలో జిల్లా కలెక్టర్, మండల అధికారులు, ప్రజాప్రతినిధులు, గ్రామ సర్పంచులు, ఉపాధ్యాయులు, విద్యార్థులు మరియు పలువురు నాయకులు పాల్గొన్నారు. ప్రభుత్వం చేపట్టిన సంక్షేమ పథకాలు ప్రతి ఒక్కరికీ అందేలా చర్యలు తీసుకోవాలని అధికారులను ఆదేశించారు. రాష్ట్రంలో హరితహారం కార్యక్రమాన్ని విజయవంతం చేయాలని, ప్రతి ఒక్కరూ మొక్కలు నాటి వాటిని సంరక్షించాలని కోరారు. గ్రామాల అభివృద్ధికి ప్రభుత్వం కట్టుబడి ఉందని, పేదల సంక్షేమమే లక్ష్యంగా పనిచేస్తున్నామని తెలిపారు. విద్యార్థులు చదువుతో పాటు పరిసరాల పరిశుభ్రతపై దృష్టి సారించాలని సూచించారు. రైతుబంధు, రైతు బీమా పథకాలతో రైతులకు మేలు జరుగుతుందని, మిషన్ భగీరథ ద్వారా ప్రతి ఇంటికి తాగునీరు అందిస్తామని అన్నారు. సమస్యల పరిష్కారానికి అధికారులు సమన్వయంతో పనిచేయాలని, నిర్లక్ష్యం వహిస్తే కఠిన చర్యలు తప్పవని హెచ్చరించారు. ఈ కార్యక్రమంలో జిల్లా కలెక్టర్, మండల అధికారులు, ప్రజాప్రతినిధులు, గ్రామ సర్పంచులు, ఉపాధ్యాయులు, విద్యార్థులు మరియు పలువురు నాయకులు పాల్గొన్నారు. ప్రభుత్వం చేపట్టిన సంక్షేమ పథకాలు ప్రతి ఒక్కరికీ అందేలా చర్యలు తీసుకోవాలని అధికారులను ఆదేశించారు. రాష్ట్రంలో హరితహారం కార్యక్రమాన్ని విజయవంతం చేయాలని, ప్రతి ఒక్కరూ మొక్కలు నాటి వాటిని సంరక్షించాలని కోరారు. గ్రామాల అభివృద్ధికి ప్రభుత్వం కట్టుబడి ఉందని, పేదల సంక్షేమమే లక్ష్యంగా పనిచేస్తున్నామని తెలిపారు. విద్యార్థులు చదువుతో పాటు పరిసరాల పరిశుభ్రతపై దృష్టి సారించాలని సూచించారు. రైతుబంధు, రైతు బీమా పథకాలతో రైతులకు మేలు జరుగుతుందని, మిషన్ భగీరథ ద్వారా ప్రతి ఇంటికి తాగునీరు అందిస్తామని అన్నారు. సమస్యల పరిష్కారానికి అధికారులు సమన్వయంతో పనిచేయాలని, నిర్లక్ష్యం వహిస్తే కఠిన చర్యలు తప్పవని హెచ్చరించారు.
గుట్టపైకి ఆర్టీసీ బస్సు సౌకర్యం
ఈ కార్యక్రమంలో జిల్లా కలెక్టర్, మండల అధికారులు, ప్రజాప్రతినిధులు, గ్రామ సర్పంచులు, ఉపాధ్యాయులు, విద్యార్థులు మరియు పలువురు నాయకులు పాల్గొన్నారు. ప్రభుత్వం చేపట్టిన సంక్షేమ పథకాలు ప్రతి ఒక్కరికీ అందేలా చర్యలు తీసుకోవాలని అధికారులను ఆదేశించారు. రాష్ట్రంలో హరితహారం కార్యక్రమాన్ని విజయవంతం చేయాలని, ప్రతి ఒక్కరూ మొక్కలు నాటి వాటిని సంరక్షించాలని కోరారు. గ్రామాల అభివృద్ధికి ప్రభుత్వం కట్టుబడి ఉందని, పేదల సంక్షేమమే లక్ష్యంగా పనిచేస్తున్నామని తెలిపారు. విద్యార్థులు చదువుతో పాటు పరిసరాల పరిశుభ్రతపై దృష్టి సారించాలని సూచించారు. రైతుబంధు, రైతు బీమా పథకాలతో రైతులకు మేలు జరుగుతుందని, మిషన్ భగీరథ ద్వారా ప్రతి ఇంటికి తాగునీరు అందిస్తామని అన్నారు. సమస్యల పరిష్కారానికి అధికారులు సమన్వయంతో పనిచేయాలని, నిర్లక్ష్యం వహిస్తే కఠిన చర్యలు తప్పవని హెచ్చరించారు.
మున్నూరుకాపు సంఘం నూతన కార్యవర్గం ఎన్నిక
ఈ కార్యక్రమంలో జిల్లా కలెక్టర్, మండల అధికారులు, ప్రజాప్రతినిధులు, గ్రామ సర్పంచులు, ఉపాధ్యాయులు, విద్యార్థులు మరియు పలువురు నాయకులు పాల్గొన్నారు. ప్రభుత్వం చేపట్టిన సంక్షేమ పథకాలు ప్రతి ఒక్కరికీ అందేలా చర్యలు తీసుకోవాలని అధికారులను ఆదేశించారు. రాష్ట్రంలో హరితహారం కార్యక్రమాన్ని విజయవంతం చేయాలని, ప్రతి ఒక్కరూ మొక్కలు నాటి వాటిని సంరక్షించాలని కోరారు. గ్రామాల అభివృద్ధికి ప్రభుత్వం కట్టుబడి ఉందని, పేదల సంక్షేమమే లక్ష్యంగా పనిచేస్తున్నామని తెలిపారు. విద్యార్థులు చదువుతో పాటు పరిసరాల పరిశుభ్రతపై దృష్టి సారించాలని సూచించారు. రైతుబంధు, రైతు బీమా పథకాలతో రైతులకు మేలు జరుగుతుందని, మిషన్ భగీరథ ద్వారా ప్రతి ఇంటికి తాగునీరు అందిస్తామని అన్నారు. సమస్యల పరిష్కారానికి అధికారులు సమన్వయంతో పనిచేయాలని, నిర్లక్ష్యం వహిస్తే కఠిన చర్యలు తప్పవని హెచ్చరించారు.
అవార్డులకు దరఖాస్తు చేసుకోవాలి
ఈ కార్యక్రమంలో జిల్లా కలెక్టర్, మండల అధికారులు, ప్రజాప్రతినిధులు, గ్రామ సర్పంచులు, ఉపాధ్యాయులు, విద్యార్థులు మరియు పలువురు నాయకులు పాల్గొన్నారు. ప్రభుత్వం చేపట్టిన సంక్షేమ పథకాలు ప్రతి ఒక్కరికీ అందేలా చర్యలు తీసుకోవాలని అధికారులను ఆదేశించారు. రాష్ట్రంలో హరితహారం కార్యక్రమాన్ని విజయవంతం చేయాలని, ప్రతి ఒక్కరూ మొక్కలు నాటి వాటిని సంరక్షించాలని కోరారు. గ్రామాల అభివృద్ధికి ప్రభుత్వం కట్టుబడి ఉందని, పేదల సంక్షేమమే లక్ష్యంగా పనిచేస్తున్నామని తెలిపారు. విద్యార్థులు చదువుతో పాటు పరిసరాల పరిశుభ్రతపై దృష్టి సారించాలని సూచించారు. రైతుబంధు, రైతు బీమా పథకాలతో రైతులకు మేలు జరుగుతుందని, మిషన్ భగీరథ ద్వారా ప్రతి ఇంటికి తాగునీరు అందిస్తామని అన్నారు. సమస్యల పరిష్కారానికి అధికారులు సమన్వయంతో పనిచేయాలని, నిర్లక్ష్యం వహిస్తే కఠిన చర్యలు తప్పవని హెచ్చరించారు.
బీసీ విద్యార్థి సంఘం ఆధ్వర్యంలో నిరసన
ఈ కార్యక్రమంలో జిల్లా కలెక్టర్, మండల అధికారులు, ప్రజాప్రతినిధులు, గ్రామ సర్పంచులు, ఉపాధ్యాయులు, విద్యార్థులు మరియు పలువురు నాయకులు పాల్గొన్నారు. ప్రభుత్వం చేపట్టిన సంక్షేమ పథకాలు ప్రతి ఒక్కరికీ అందేలా చర్యలు తీసుకోవాలని అధికారులను ఆదేశించారు. రాష్ట్రంలో హరితహారం కార్యక్రమాన్ని విజయవంతం చేయాలని, ప్రతి ఒక్కరూ మొక్కలు నాటి వాటిని సంరక్షించాలని కోరారు. గ్రామాల అభివృద్ధికి ప్రభుత్వం కట్టుబడి ఉందని, పేదల సంక్షేమమే లక్ష్యంగా పనిచేస్తున్నామని తెలిపారు. విద్యార్థులు చదువుతో పాటు పరిసరాల పరిశుభ్రతపై దృష్టి సారించాలని సూచించారు. రైతుబంధు, రైతు బీమా పథకాలతో రైతులకు మేలు జరుగుతుందని, మిషన్ భగీరథ ద్వారా ప్రతి ఇంటికి తాగునీరు అందిస్తామని అన్నారు. సమస్యల పరిష్కారానికి అధికారులు సమన్వయంతో పనిచేయాలని, నిర్లక్ష్యం వహిస్తే కఠిన చర్యలు తప్పవని హెచ్చరించారు.
జిల్లా ప్రజా పరిషత్ పాఠశాలలో మాక్ పోలింగ్
ఈ కార్యక్రమంలో జిల్లా కలెక్టర్, మండల అధికారులు, ప్రజాప్రతినిధులు, గ్రామ సర్పంచులు, ఉపాధ్యాయులు, విద్యార్థులు మరియు పలువురు నాయకులు పాల్గొన్నారు. ప్రభుత్వం చేపట్టిన సంక్షేమ పథకాలు ప్రతి ఒక్కరికీ అందేలా చర్యలు తీసుకోవాలని అధికారులను ఆదేశించారు. రాష్ట్రంలో హరితహారం కార్యక్రమాన్ని విజయవంతం చేయాలని, ప్రతి ఒక్కరూ మొక్కలు నాటి వాటిని సంరక్షించాలని కోరారు. గ్రామాల అభివృద్ధికి ప్రభుత్వం కట్టుబడి ఉందని, పేదల సంక్షేమమే లక్ష్యంగా పనిచేస్తున్నామని తెలిపారు. విద్యార్థులు చదువుతో పాటు పరిసరాల పరిశుభ్రతపై దృష్టి సారించాలని సూచించారు. రైతుబంధు, రైతు బీమా పథకాలతో రైతులకు మేలు జరుగుతుందని, మిషన్ భగీరథ ద్వారా ప్రతి ఇంటికి తాగునీరు అందిస్తామని అన్నారు. సమస్యల పరిష్కారానికి అధికారులు సమన్వయంతో పనిచేయాలని, నిర్లక్ష్యం వహిస్తే కఠిన చర్యలు తప్పవని హెచ్చరించారు. ఈ కార్యక్రమంలో జిల్లా కలెక్టర్, మండల అధికారులు, ప్రజాప్రతినిధులు, గ్రామ సర్పంచులు, ఉపాధ్యాయులు, విద్యార్థులు మరియు పలువురు నాయకులు పాల్గొన్నారు. ప్రభుత్వం చేపట్టిన సంక్షేమ పథకాలు ప్రతి ఒక్కరికీ అందేలా చర్యలు తీసుకోవాలని అధికారులను ఆదేశించారు. రాష్ట్రంలో హరితహారం కార్యక్రమాన్ని విజయవంతం చేయాలని, ప్రతి ఒక్కరూ మొక్కలు నాటి వాటిని సంరక్షించాలని కోరారు. గ్రామాల అభివృద్ధికి ప్రభుత్వం కట్టుబడి ఉందని, పేదల సంక్షేమమే లక్ష్యంగా పనిచేస్తున్నామని తెలిపారు. విద్యార్థులు చదువుతో పాటు పరిసరాల పరిశుభ్రతపై దృష్టి సారించాలని సూచించారు. రైతుబంధు, రైతు బీమా పథకాలతో రైతులకు మేలు జరుగుతుందని, మిషన్ భగీరథ ద్వారా ప్రతి ఇంటికి తాగునీరు అందిస్తామని అన్నారు. సమస్యల పరిష్కారానికి అధికారులు సమన్వయంతో పనిచేయాలని, నిర్లక్ష్యం వహిస్తే కఠిన చర్యలు తప్పవని హెచ్చరించారు.
కిటకిటలాడుతున్న రాఖీ దుకాణాలు
ఈ కార్యక్రమంలో జిల్లా కలెక్టర్, మండల అధికారులు, ప్రజాప్రతినిధులు, గ్రామ సర్పంచులు, ఉపాధ్యాయులు, విద్యార్థులు మరియు పలువురు నాయకులు పాల్గొన్నారు. ప్రభుత్వం చేపట్టిన సంక్షేమ పథకాలు ప్రతి ఒక్కరికీ అందేలా చర్యలు తీసుకోవాలని అధికారులను ఆదేశించారు. రాష్ట్రంలో హరితహారం కార్యక్రమాన్ని విజయవంతం చేయాలని, ప్రతి ఒక్కరూ మొక్కలు నాటి వాటిని సంరక్షించాలని కోరారు. గ్రామాల అభివృద్ధికి ప్రభుత్వం కట్టుబడి ఉందని, పేదల సంక్షేమమే లక్ష్యంగా పనిచేస్తున్నామని తెలిపారు. విద్యార్థులు చదువుతో పాటు పరిసరాల పరిశుభ్రతపై దృష్టి సారించాలని సూచించారు. రైతుబంధు, రైతు బీమా పథకాలతో రైతులకు మేలు జరుగుతుందని, మిషన్ భగీరథ ద్వారా ప్రతి ఇంటికి తాగునీరు అందిస్తామని అన్నారు. సమస్యల పరిష్కారానికి అధికారులు సమన్వయంతో పనిచేయాలని, నిర్లక్ష్యం వహిస్తే కఠిన చర్యలు తప్పవని హెచ్చరించారు.
గ్రామాలలో దోమల నివారణ చర్యలు
ఈ కార్యక్రమంలో జిల్లా కలెక్టర్, మండల అధికారులు, ప్రజాప్రతినిధులు, గ్రామ సర్పంచులు, ఉపాధ్యాయులు, విద్యార్థులు మరియు పలువురు నాయకులు పాల్గొన్నారు. ప్రభుత్వం చేపట్టిన సంక్షేమ పథకాలు ప్రతి ఒక్కరికీ అందేలా చర్యలు తీసుకోవాలని అధికారులను ఆదేశించారు. రాష్ట్రంలో హరితహారం కార్యక్రమాన్ని విజయవంతం చేయాలని, ప్రతి ఒక్కరూ మొక్కలు నాటి వాటిని సంరక్షించాలని కోరారు. గ్రామాల అభివృద్ధికి ప్రభుత్వం కట్టుబడి ఉందని, పేదల సంక్షేమమే లక్ష్యంగా పనిచేస్తున్నామని తెలిపారు. విద్యార్థులు చదువుతో పాటు పరిసరాల పరిశుభ్రతపై దృష్టి సారించాలని సూచించారు. రైతుబంధు, రైతు బీమా పథకాలతో రైతులకు మేలు జరుగుతుందని, మిషన్ భగీరథ ద్వారా ప్రతి ఇంటికి తాగునీరు అందిస్తామని అన్నారు. సమస్యల పరిష్కారానికి అధికారులు సమన్వయంతో పనిచేయాలని, నిర్లక్ష్యం వహిస్తే కఠిన చర్యలు తప్పవని హెచ్చరించారు.
కారేపల్లి హరిత పాఠశాల ర్యాలీ
ఈ కార్యక్రమంలో జిల్లా కలెక్టర్, మండల అధికారులు, ప్రజాప్రతినిధులు, గ్రామ సర్పంచులు, ఉపాధ్యాయులు, విద్యార్థులు మరియు పలువురు నాయకులు పాల్గొన్నారు. ప్రభుత్వం చేపట్టిన సంక్షేమ పథకాలు ప్రతి ఒక్కరికీ అందేలా చర్యలు తీసుకోవాలని అధికారులను ఆదేశించారు. రాష్ట్రంలో హరితహారం కార్యక్రమాన్ని విజయవంతం చేయాలని, ప్రతి ఒక్కరూ మొక్కలు నాటి వాటిని సంరక్షించాలని కోరారు. గ్రామాల అభివృద్ధికి ప్రభుత్వం కట్టుబడి ఉందని, పేదల సంక్షేమమే లక్ష్యంగా పనిచేస్తున్నామని తెలిపారు. విద్యార్థులు చదువుతో పాటు పరిసరాల పరిశుభ్రతపై దృష్టి సారించాలని సూచించారు. రైతుబంధు, రైతు బీమా పథకాలతో రైతులకు మేలు జరుగుతుందని, మిషన్ భగీరథ ద్వారా ప్రతి ఇంటికి తాగునీరు అందిస్తామని అన్నారు. సమస్యల పరిష్కారానికి అధికారులు సమన్వయంతో పనిచేయాలని, నిర్లక్ష్యం వహిస్తే కఠిన చర్యలు తప్పవని హెచ్చరించారు.
ముఖ్యమంత్రి కేసీఆర్ చిత్రపటానికి పాలాభిషేకం
ఈ కార్యక్రమంలో జిల్లా కలెక్టర్, మండల అధికారులు, ప్రజాప్రతినిధులు, గ్రామ సర్పంచులు, ఉపాధ్యాయులు, విద్యార్థులు మరియు పలువురు నాయకులు పాల్గొన్నారు. ప్రభుత్వం చేపట్టిన సంక్షేమ పథకాలు ప్రతి ఒక్కరికీ అందేలా చర్యలు తీసుకోవాలని అధికారులను ఆదేశించారు. రాష్ట్రంలో హరితహారం కార్యక్రమాన్ని విజయవంతం చేయాలని, ప్రతి ఒక్కరూ మొక్కలు నాటి వాటిని సంరక్షించాలని కోరారు. గ్రామాల అభివృద్ధికి ప్రభుత్వం కట్టుబడి ఉందని, పేదల సంక్షేమమే లక్ష్యంగా పనిచేస్తున్నామని తెలిపారు. విద్యార్థులు చదువుతో పాటు పరిసరాల పరిశుభ్రతపై దృష్టి సారించాలని సూచించారు. రైతుబంధు, రైతు బీమా పథకాలతో రైతులకు మేలు జరుగుతుందని, మిషన్ భగీరథ ద్వారా ప్రతి ఇంటికి తాగునీరు అందిస్తామని అన్నారు. సమస్యల పరిష్కారానికి అధికారులు సమన్వయంతో పనిచేయాలని, నిర్లక్ష్యం వహిస్తే కఠిన చర్యలు తప్పవని హెచ్చరించారు.
